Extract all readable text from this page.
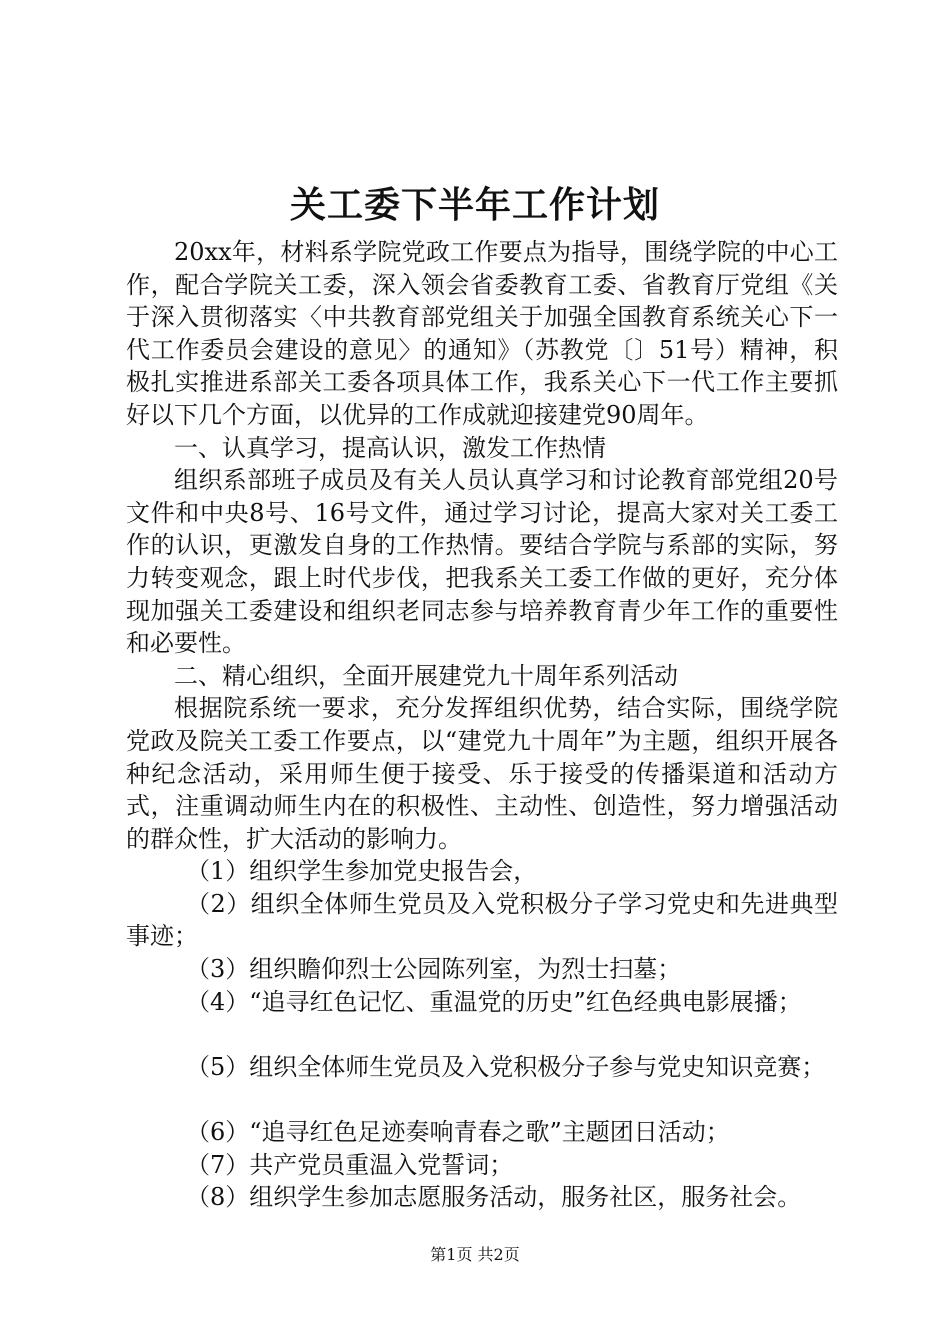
关工委下半年工作计划

20xx年，材料系学院党政工作要点为指导，围绕学院的中心工作，配合学院关工委，深入领会省委教育工委、省教育厅党组《关于深入贯彻落实〈中共教育部党组关于加强全国教育系统关心下一代工作委员会建设的意见〉的通知》（苏教党〔〕51号）精神，积极扎实推进系部关工委各项具体工作，我系关心下一代工作主要抓好以下几个方面，以优异的工作成就迎接建党90周年。

一、认真学习，提高认识，激发工作热情

组织系部班子成员及有关人员认真学习和讨论教育部党组20号文件和中央8号、16号文件，通过学习讨论，提高大家对关工委工作的认识，更激发自身的工作热情。要结合学院与系部的实际，努力转变观念，跟上时代步伐，把我系关工委工作做的更好，充分体现加强关工委建设和组织老同志参与培养教育青少年工作的重要性和必要性。

二、精心组织，全面开展建党九十周年系列活动

根据院系统一要求，充分发挥组织优势，结合实际，围绕学院党政及院关工委工作要点，以“建党九十周年”为主题，组织开展各种纪念活动，采用师生便于接受、乐于接受的传播渠道和活动方式，注重调动师生内在的积极性、主动性、创造性，努力增强活动的群众性，扩大活动的影响力。

（1）组织学生参加党史报告会，

（2）组织全体师生党员及入党积极分子学习党史和先进典型事迹；

（3）组织瞻仰烈士公园陈列室，为烈士扫墓；

（4）“追寻红色记忆、重温党的历史”红色经典电影展播；

（5）组织全体师生党员及入党积极分子参与党史知识竞赛；

（6）“追寻红色足迹奏响青春之歌”主题团日活动；

（7）共产党员重温入党誓词；

（8）组织学生参加志愿服务活动，服务社区，服务社会。

第1页 共2页
